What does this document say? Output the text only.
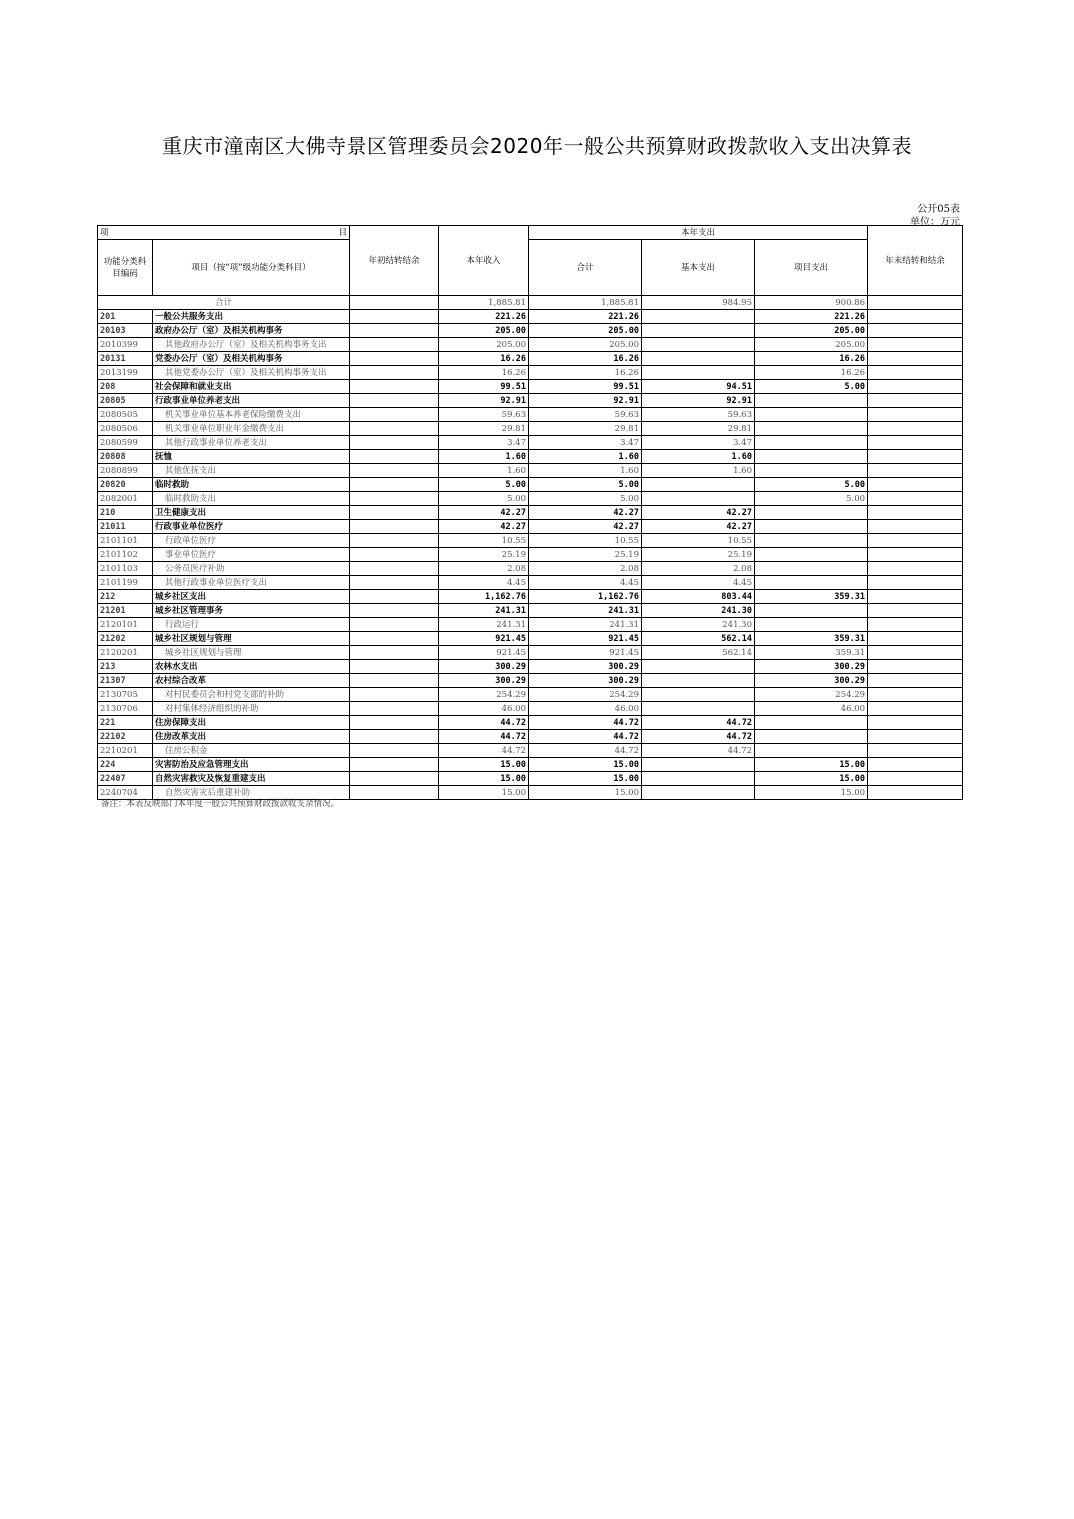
重庆市潼南区大佛寺景区管理委员会2020年一般公共预算财政拨款收入支出决算表
公开05表
单位：万元
项 目		年初结转结余	本年收入	本年支出			年末结转和结余
功能分类科目编码	项目（按“项”级功能分类科目）			合计	基本支出	项目支出	
合计			1,885.81	1,885.81	984.95	900.86	
201	一般公共服务支出		221.26	221.26		221.26	
20103	政府办公厅（室）及相关机构事务		205.00	205.00		205.00	
2010399	其他政府办公厅（室）及相关机构事务支出		205.00	205.00		205.00	
20131	党委办公厅（室）及相关机构事务		16.26	16.26		16.26	
2013199	其他党委办公厅（室）及相关机构事务支出		16.26	16.26		16.26	
208	社会保障和就业支出		99.51	99.51	94.51	5.00	
20805	行政事业单位养老支出		92.91	92.91	92.91		
2080505	机关事业单位基本养老保险缴费支出		59.63	59.63	59.63		
2080506	机关事业单位职业年金缴费支出		29.81	29.81	29.81		
2080599	其他行政事业单位养老支出		3.47	3.47	3.47		
20808	抚恤		1.60	1.60	1.60		
2080899	其他优抚支出		1.60	1.60	1.60		
20820	临时救助		5.00	5.00		5.00	
2082001	临时救助支出		5.00	5.00		5.00	
210	卫生健康支出		42.27	42.27	42.27		
21011	行政事业单位医疗		42.27	42.27	42.27		
2101101	行政单位医疗		10.55	10.55	10.55		
2101102	事业单位医疗		25.19	25.19	25.19		
2101103	公务员医疗补助		2.08	2.08	2.08		
2101199	其他行政事业单位医疗支出		4.45	4.45	4.45		
212	城乡社区支出		1,162.76	1,162.76	803.44	359.31	
21201	城乡社区管理事务		241.31	241.31	241.30		
2120101	行政运行		241.31	241.31	241.30		
21202	城乡社区规划与管理		921.45	921.45	562.14	359.31	
2120201	城乡社区规划与管理		921.45	921.45	562.14	359.31	
213	农林水支出		300.29	300.29		300.29	
21307	农村综合改革		300.29	300.29		300.29	
2130705	对村民委员会和村党支部的补助		254.29	254.29		254.29	
2130706	对村集体经济组织的补助		46.00	46.00		46.00	
221	住房保障支出		44.72	44.72	44.72		
22102	住房改革支出		44.72	44.72	44.72		
2210201	住房公积金		44.72	44.72	44.72		
224	灾害防治及应急管理支出		15.00	15.00		15.00	
22407	自然灾害救灾及恢复重建支出		15.00	15.00		15.00	
2240704	自然灾害灾后重建补助		15.00	15.00		15.00	
备注：本表反映部门本年度一般公共预算财政拨款收支余情况。
